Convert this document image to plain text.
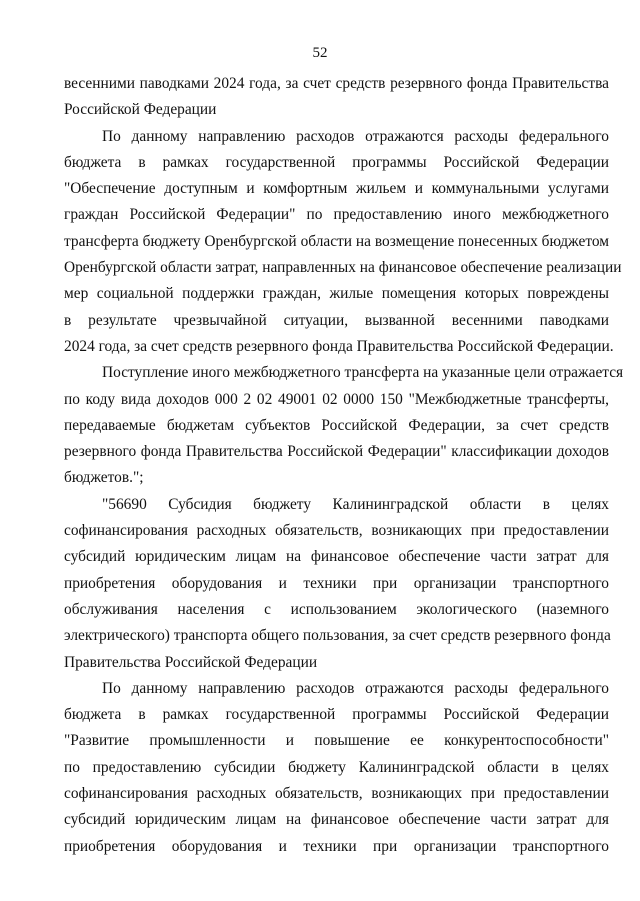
52
весенними паводками 2024 года, за счет средств резервного фонда Правительства
Российской Федерации
По данному направлению расходов отражаются расходы федерального
бюджета в рамках государственной программы Российской Федерации
"Обеспечение доступным и комфортным жильем и коммунальными услугами
граждан Российской Федерации" по предоставлению иного межбюджетного
трансферта бюджету Оренбургской области на возмещение понесенных бюджетом
Оренбургской области затрат, направленных на финансовое обеспечение реализации
мер социальной поддержки граждан, жилые помещения которых повреждены
в результате чрезвычайной ситуации, вызванной весенними паводками
2024 года, за счет средств резервного фонда Правительства Российской Федерации.
Поступление иного межбюджетного трансферта на указанные цели отражается
по коду вида доходов 000 2 02 49001 02 0000 150 "Межбюджетные трансферты,
передаваемые бюджетам субъектов Российской Федерации, за счет средств
резервного фонда Правительства Российской Федерации" классификации доходов
бюджетов.";
"56690 Субсидия бюджету Калининградской области в целях
софинансирования расходных обязательств, возникающих при предоставлении
субсидий юридическим лицам на финансовое обеспечение части затрат для
приобретения оборудования и техники при организации транспортного
обслуживания населения с использованием экологического (наземного
электрического) транспорта общего пользования, за счет средств резервного фонда
Правительства Российской Федерации
По данному направлению расходов отражаются расходы федерального
бюджета в рамках государственной программы Российской Федерации
"Развитие промышленности и повышение ее конкурентоспособности"
по предоставлению субсидии бюджету Калининградской области в целях
софинансирования расходных обязательств, возникающих при предоставлении
субсидий юридическим лицам на финансовое обеспечение части затрат для
приобретения оборудования и техники при организации транспортного
